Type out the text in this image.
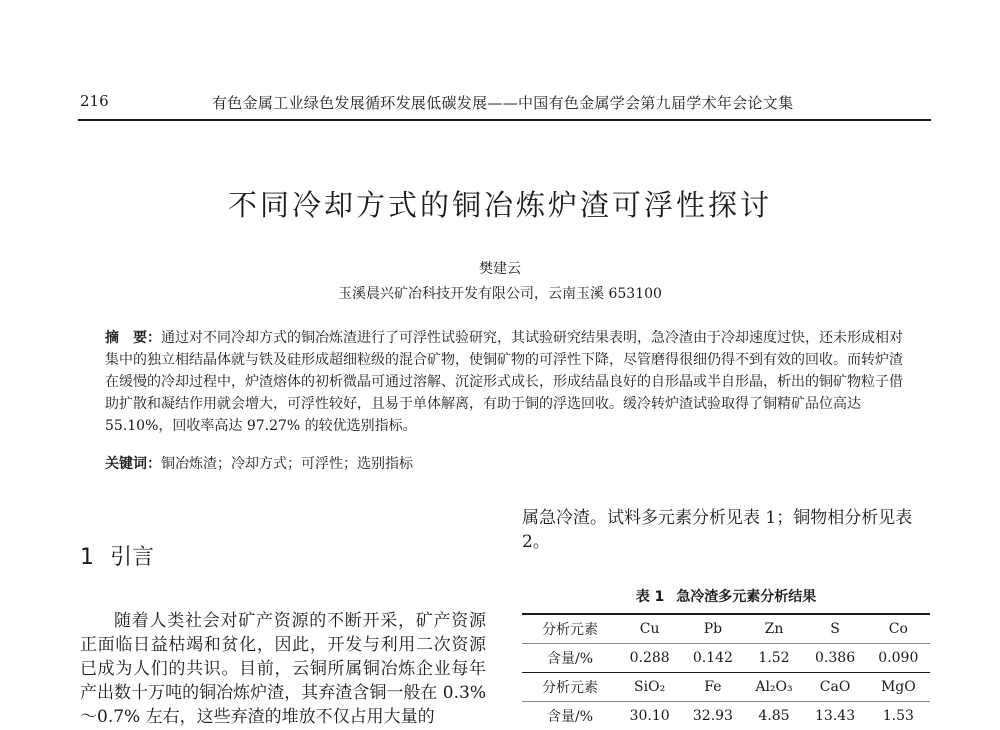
216	有色金属工业绿色发展循环发展低碳发展——中国有色金属学会第九届学术年会论文集
不同冷却方式的铜冶炼炉渣可浮性探讨
樊建云
玉溪晨兴矿冶科技开发有限公司，云南玉溪 653100
摘　要：通过对不同冷却方式的铜冶炼渣进行了可浮性试验研究，其试验研究结果表明，急冷渣由于冷却速度过快，还未形成相对集中的独立相结晶体就与铁及硅形成超细粒级的混合矿物，使铜矿物的可浮性下降，尽管磨得很细仍得不到有效的回收。而转炉渣在缓慢的冷却过程中，炉渣熔体的初析微晶可通过溶解、沉淀形式成长，形成结晶良好的自形晶或半自形晶，析出的铜矿物粒子借助扩散和凝结作用就会增大，可浮性较好，且易于单体解离，有助于铜的浮选回收。缓冷转炉渣试验取得了铜精矿品位高达 55.10%，回收率高达 97.27% 的较优选别指标。
关键词：铜冶炼渣；冷却方式；可浮性；选别指标
1 引言
随着人类社会对矿产资源的不断开采，矿产资源正面临日益枯竭和贫化，因此，开发与利用二次资源已成为人们的共识。目前，云铜所属铜冶炼企业每年产出数十万吨的铜冶炼炉渣，其弃渣含铜一般在 0.3%～0.7% 左右，这些弃渣的堆放不仅占用大量的
属急冷渣。试料多元素分析见表 1；铜物相分析见表 2。
表 1 急冷渣多元素分析结果
分析元素	Cu	Pb	Zn	S	Co
含量/%	0.288	0.142	1.52	0.386	0.090
分析元素	SiO₂	Fe	Al₂O₃	CaO	MgO
含量/%	30.10	32.93	4.85	13.43	1.53
